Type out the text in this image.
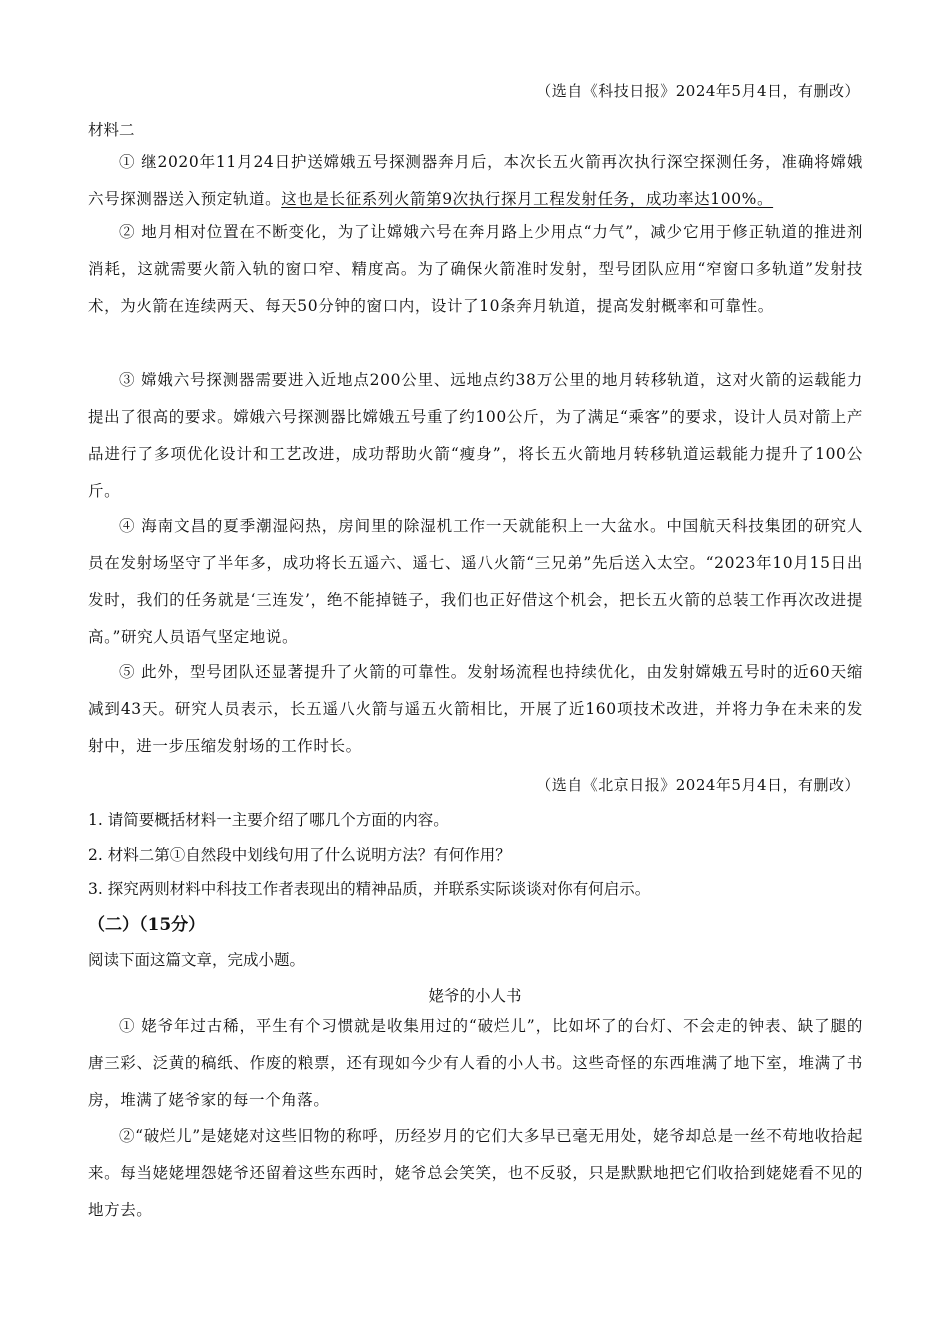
（选自《科技日报》2024年5月4日，有删改）
材料二
① 继2020年11月24日护送嫦娥五号探测器奔月后，本次长五火箭再次执行深空探测任务，准确将嫦娥六号探测器送入预定轨道。这也是长征系列火箭第9次执行探月工程发射任务，成功率达100%。
② 地月相对位置在不断变化，为了让嫦娥六号在奔月路上少用点“力气”，减少它用于修正轨道的推进剂消耗，这就需要火箭入轨的窗口窄、精度高。为了确保火箭准时发射，型号团队应用“窄窗口多轨道”发射技术，为火箭在连续两天、每天50分钟的窗口内，设计了10条奔月轨道，提高发射概率和可靠性。
③ 嫦娥六号探测器需要进入近地点200公里、远地点约38万公里的地月转移轨道，这对火箭的运载能力提出了很高的要求。嫦娥六号探测器比嫦娥五号重了约100公斤，为了满足“乘客”的要求，设计人员对箭上产品进行了多项优化设计和工艺改进，成功帮助火箭“瘦身”，将长五火箭地月转移轨道运载能力提升了100公斤。
④ 海南文昌的夏季潮湿闷热，房间里的除湿机工作一天就能积上一大盆水。中国航天科技集团的研究人员在发射场坚守了半年多，成功将长五遥六、遥七、遥八火箭“三兄弟”先后送入太空。“2023年10月15日出发时，我们的任务就是‘三连发’，绝不能掉链子，我们也正好借这个机会，把长五火箭的总装工作再次改进提高。”研究人员语气坚定地说。
⑤ 此外，型号团队还显著提升了火箭的可靠性。发射场流程也持续优化，由发射嫦娥五号时的近60天缩减到43天。研究人员表示，长五遥八火箭与遥五火箭相比，开展了近160项技术改进，并将力争在未来的发射中，进一步压缩发射场的工作时长。
（选自《北京日报》2024年5月4日，有删改）
1. 请简要概括材料一主要介绍了哪几个方面的内容。
2. 材料二第①自然段中划线句用了什么说明方法？有何作用？
3. 探究两则材料中科技工作者表现出的精神品质，并联系实际谈谈对你有何启示。
（二）（15分）
阅读下面这篇文章，完成小题。
姥爷的小人书
① 姥爷年过古稀，平生有个习惯就是收集用过的“破烂儿”，比如坏了的台灯、不会走的钟表、缺了腿的唐三彩、泛黄的稿纸、作废的粮票，还有现如今少有人看的小人书。这些奇怪的东西堆满了地下室，堆满了书房，堆满了姥爷家的每一个角落。
②“破烂儿”是姥姥对这些旧物的称呼，历经岁月的它们大多早已毫无用处，姥爷却总是一丝不苟地收拾起来。每当姥姥埋怨姥爷还留着这些东西时，姥爷总会笑笑，也不反驳，只是默默地把它们收拾到姥姥看不见的地方去。
